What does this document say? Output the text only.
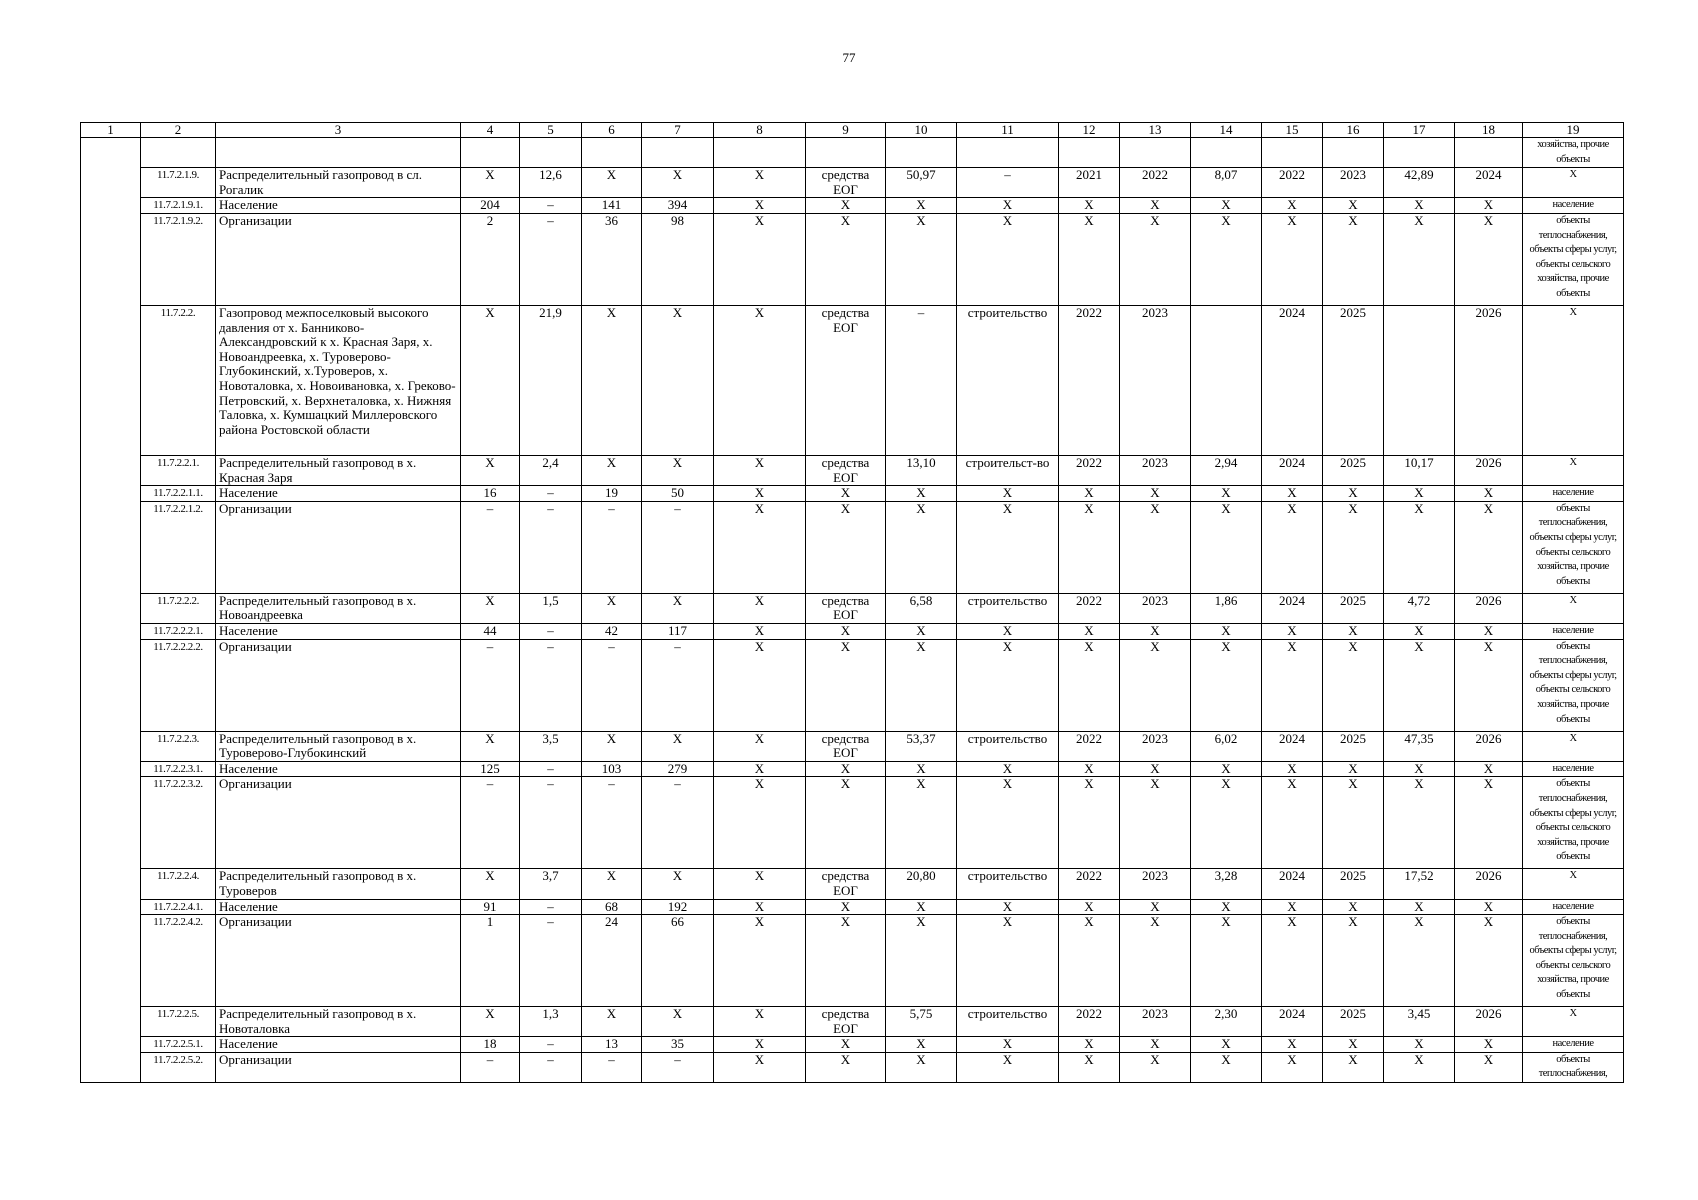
77
1	2	3	4	5	6	7	8	9	10	11	12	13	14	15	16	17	18	19
																		хозяйства, прочие объекты
	11.7.2.1.9.	Распределительный газопровод в сл. Рогалик	Х	12,6	Х	Х	Х	средства ЕОГ	50,97	–	2021	2022	8,07	2022	2023	42,89	2024	Х
	11.7.2.1.9.1.	Население	204	–	141	394	Х	Х	Х	Х	Х	Х	Х	Х	Х	Х	Х	население
	11.7.2.1.9.2.	Организации	2	–	36	98	Х	Х	Х	Х	Х	Х	Х	Х	Х	Х	Х	объекты теплоснабжения, объекты сферы услуг, объекты сельского хозяйства, прочие объекты
	11.7.2.2.	Газопровод межпоселковый высокого давления от х. Банниково-Александровский к х. Красная Заря, х. Новоандреевка, х. Туроверово-Глубокинский, х.Туроверов, х. Новоталовка, х. Новоивановка, х. Греково-Петровский, х. Верхнеталовка, х. Нижняя Таловка, х. Кумшацкий Миллеровского района Ростовской области	Х	21,9	Х	Х	Х	средства ЕОГ	–	строительство	2022	2023		2024	2025		2026	Х
	11.7.2.2.1.	Распределительный газопровод в х. Красная Заря	Х	2,4	Х	Х	Х	средства ЕОГ	13,10	строительст-во	2022	2023	2,94	2024	2025	10,17	2026	Х
	11.7.2.2.1.1.	Население	16	–	19	50	Х	Х	Х	Х	Х	Х	Х	Х	Х	Х	Х	население
	11.7.2.2.1.2.	Организации	–	–	–	–	Х	Х	Х	Х	Х	Х	Х	Х	Х	Х	Х	объекты теплоснабжения, объекты сферы услуг, объекты сельского хозяйства, прочие объекты
	11.7.2.2.2.	Распределительный газопровод в х. Новоандреевка	Х	1,5	Х	Х	Х	средства ЕОГ	6,58	строительство	2022	2023	1,86	2024	2025	4,72	2026	Х
	11.7.2.2.2.1.	Население	44	–	42	117	Х	Х	Х	Х	Х	Х	Х	Х	Х	Х	Х	население
	11.7.2.2.2.2.	Организации	–	–	–	–	Х	Х	Х	Х	Х	Х	Х	Х	Х	Х	Х	объекты теплоснабжения, объекты сферы услуг, объекты сельского хозяйства, прочие объекты
	11.7.2.2.3.	Распределительный газопровод в х. Туроверово-Глубокинский	Х	3,5	Х	Х	Х	средства ЕОГ	53,37	строительство	2022	2023	6,02	2024	2025	47,35	2026	Х
	11.7.2.2.3.1.	Население	125	–	103	279	Х	Х	Х	Х	Х	Х	Х	Х	Х	Х	Х	население
	11.7.2.2.3.2.	Организации	–	–	–	–	Х	Х	Х	Х	Х	Х	Х	Х	Х	Х	Х	объекты теплоснабжения, объекты сферы услуг, объекты сельского хозяйства, прочие объекты
	11.7.2.2.4.	Распределительный газопровод в х. Туроверов	Х	3,7	Х	Х	Х	средства ЕОГ	20,80	строительство	2022	2023	3,28	2024	2025	17,52	2026	Х
	11.7.2.2.4.1.	Население	91	–	68	192	Х	Х	Х	Х	Х	Х	Х	Х	Х	Х	Х	население
	11.7.2.2.4.2.	Организации	1	–	24	66	Х	Х	Х	Х	Х	Х	Х	Х	Х	Х	Х	объекты теплоснабжения, объекты сферы услуг, объекты сельского хозяйства, прочие объекты
	11.7.2.2.5.	Распределительный газопровод в х. Новоталовка	Х	1,3	Х	Х	Х	средства ЕОГ	5,75	строительство	2022	2023	2,30	2024	2025	3,45	2026	Х
	11.7.2.2.5.1.	Население	18	–	13	35	Х	Х	Х	Х	Х	Х	Х	Х	Х	Х	Х	население
	11.7.2.2.5.2.	Организации	–	–	–	–	Х	Х	Х	Х	Х	Х	Х	Х	Х	Х	Х	объекты теплоснабжения,
